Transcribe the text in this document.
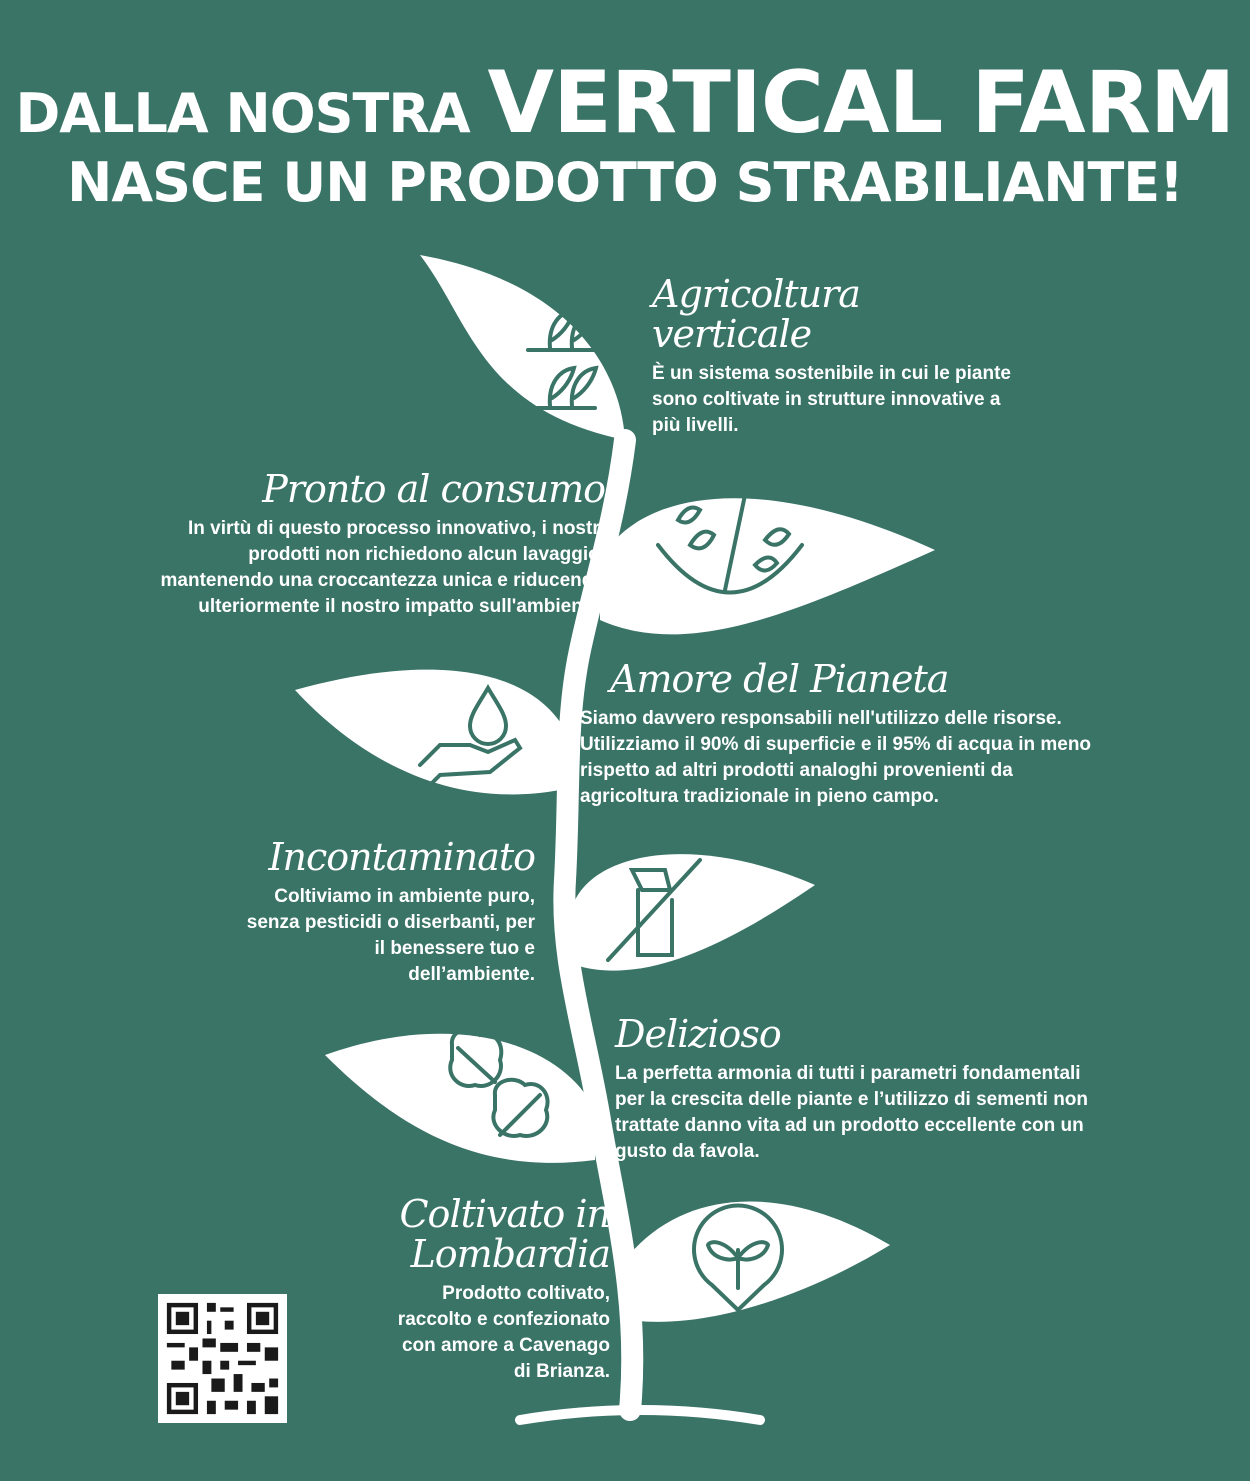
DALLA NOSTRA VERTICAL FARM
NASCE UN PRODOTTO STRABILIANTE!
Agricoltura verticale
È un sistema sostenibile in cui le piante sono coltivate in strutture innovative a più livelli.
Pronto al consumo
In virtù di questo processo innovativo, i nostri prodotti non richiedono alcun lavaggio, mantenendo una croccantezza unica e riducendo ulteriormente il nostro impatto sull'ambiente.
Amore del Pianeta
Siamo davvero responsabili nell'utilizzo delle risorse. Utilizziamo il 90% di superficie e il 95% di acqua in meno rispetto ad altri prodotti analoghi provenienti da agricoltura tradizionale in pieno campo.
Incontaminato
Coltiviamo in ambiente puro, senza pesticidi o diserbanti, per il benessere tuo e dell’ambiente.
Delizioso
La perfetta armonia di tutti i parametri fondamentali per la crescita delle piante e l’utilizzo di sementi non trattate danno vita ad un prodotto eccellente con un gusto da favola.
Coltivato in Lombardia
Prodotto coltivato, raccolto e confezionato con amore a Cavenago di Brianza.
